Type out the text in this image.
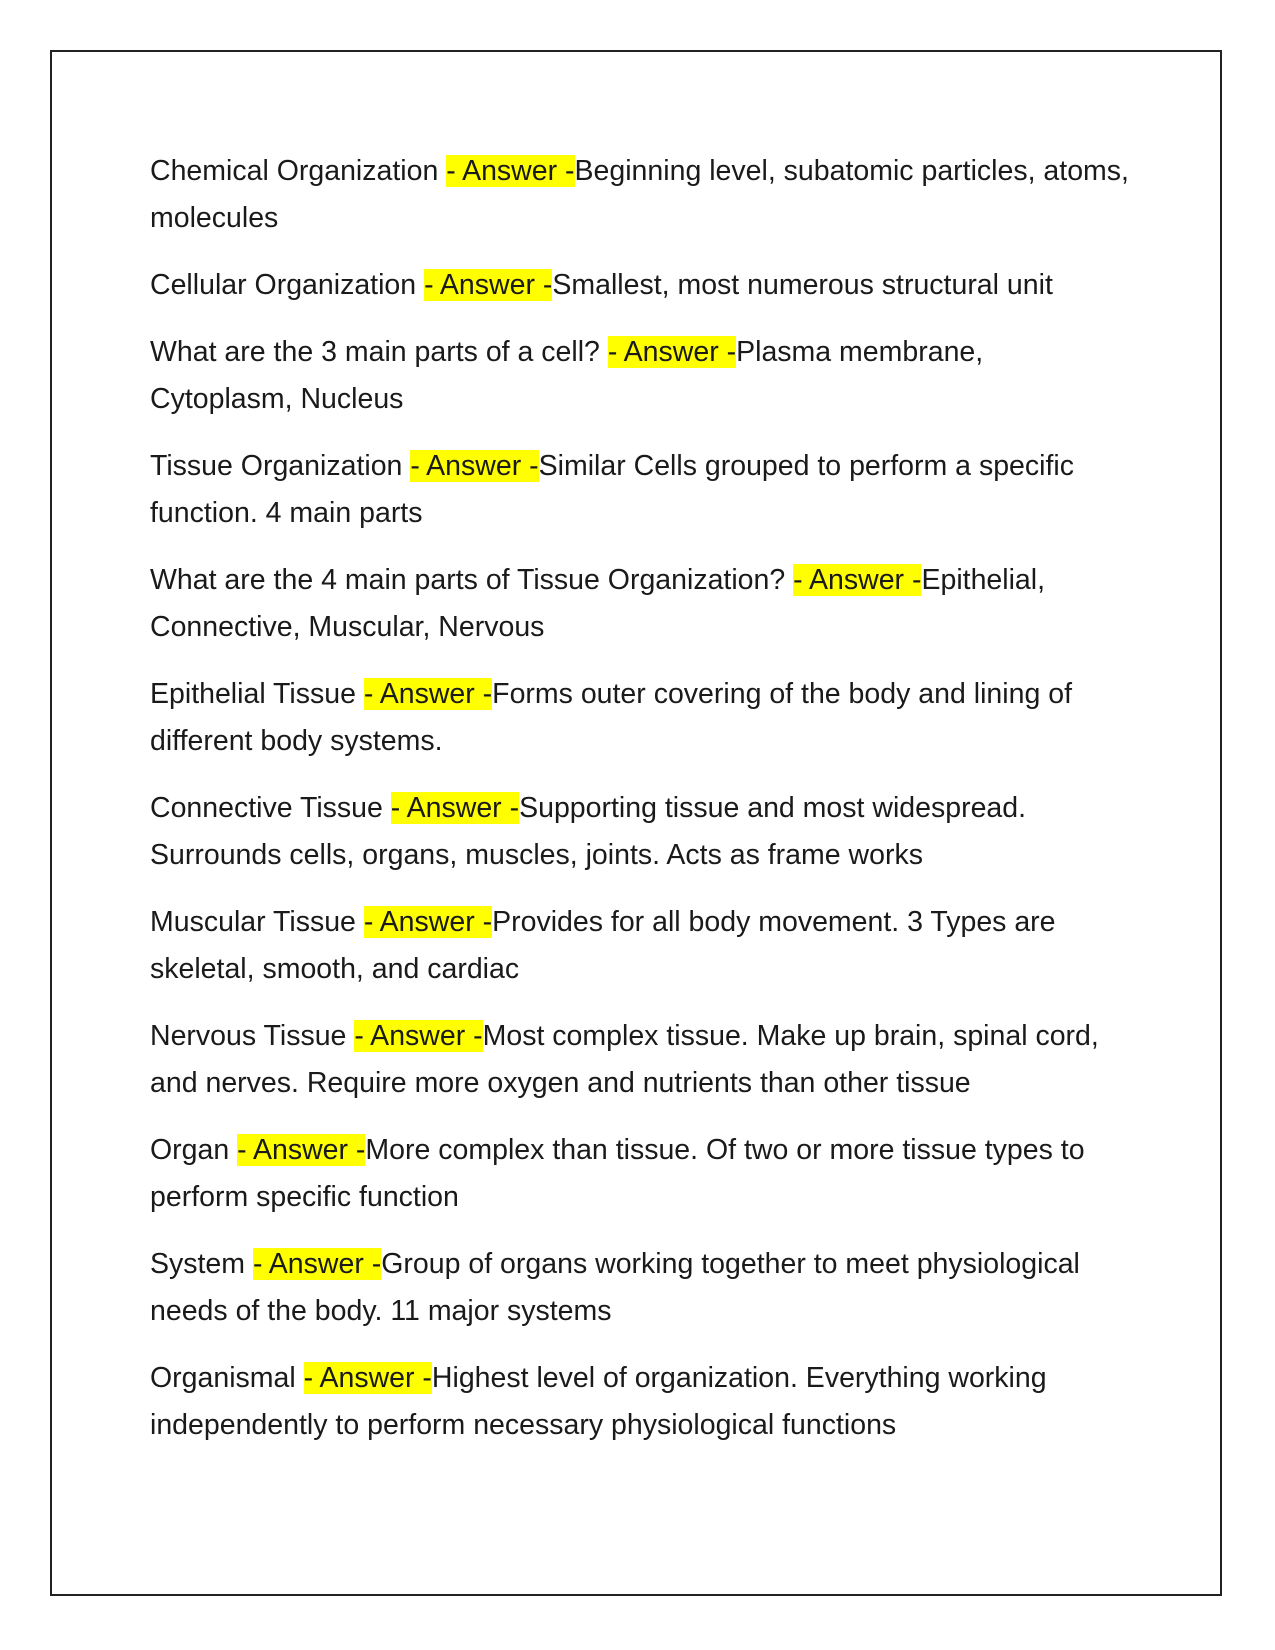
Chemical Organization - Answer -Beginning level, subatomic particles, atoms, molecules

Cellular Organization - Answer -Smallest, most numerous structural unit

What are the 3 main parts of a cell? - Answer -Plasma membrane, Cytoplasm, Nucleus

Tissue Organization - Answer -Similar Cells grouped to perform a specific function. 4 main parts

What are the 4 main parts of Tissue Organization? - Answer -Epithelial, Connective, Muscular, Nervous

Epithelial Tissue - Answer -Forms outer covering of the body and lining of different body systems.

Connective Tissue - Answer -Supporting tissue and most widespread. Surrounds cells, organs, muscles, joints. Acts as frame works

Muscular Tissue - Answer -Provides for all body movement. 3 Types are skeletal, smooth, and cardiac

Nervous Tissue - Answer -Most complex tissue. Make up brain, spinal cord, and nerves. Require more oxygen and nutrients than other tissue

Organ - Answer -More complex than tissue. Of two or more tissue types to perform specific function

System - Answer -Group of organs working together to meet physiological needs of the body. 11 major systems

Organismal - Answer -Highest level of organization. Everything working independently to perform necessary physiological functions
